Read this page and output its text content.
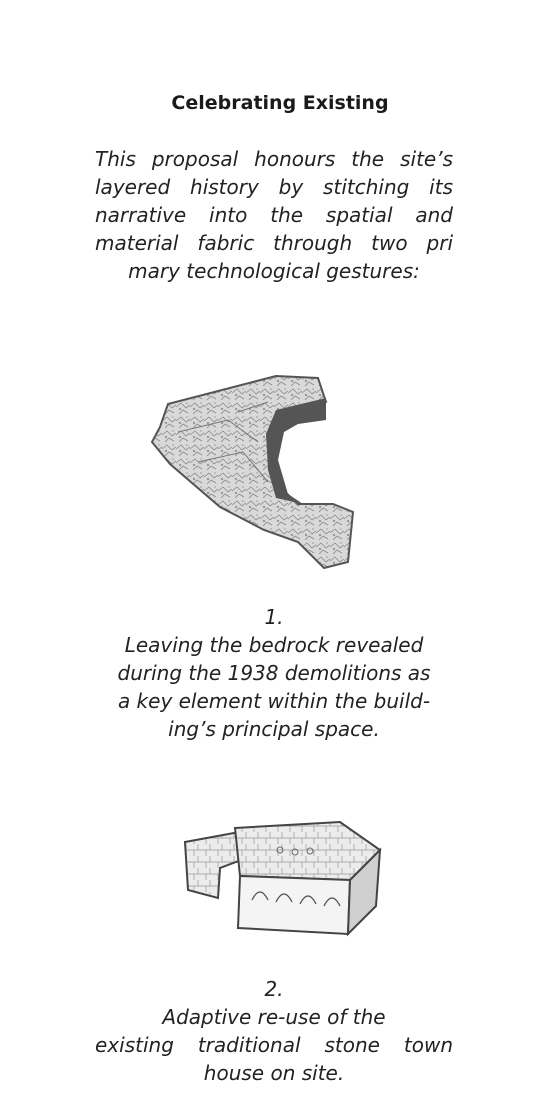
Celebrating Existing
This proposal honours the site’s
layered history by stitching its
narrative into the spatial and
material fabric through two pri
mary technological gestures:
1.
Leaving the bedrock revealed
during the 1938 demolitions as
a key element within the build-
ing’s principal space.
2.
Adaptive re-use of the
existing traditional stone town
house on site.
